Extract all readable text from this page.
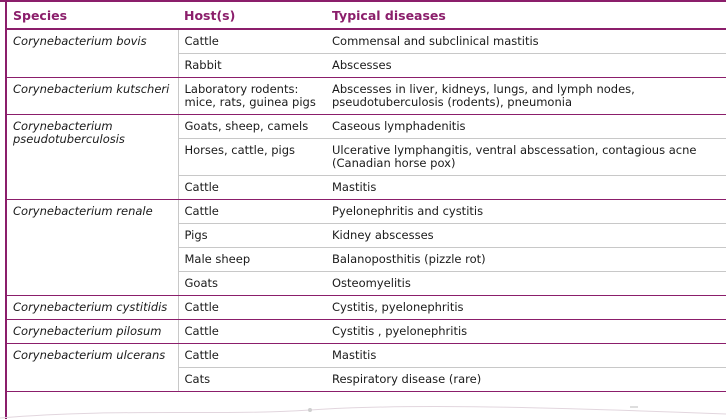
Species	Host(s)	Typical diseases
Corynebacterium bovis	Cattle	Commensal and subclinical mastitis
	Rabbit	Abscesses
Corynebacterium kutscheri	Laboratory rodents: mice, rats, guinea pigs	Abscesses in liver, kidneys, lungs, and lymph nodes, pseudotuberculosis (rodents), pneumonia
Corynebacterium pseudotuberculosis	Goats, sheep, camels	Caseous lymphadenitis
	Horses, cattle, pigs	Ulcerative lymphangitis, ventral abscessation, contagious acne (Canadian horse pox)
	Cattle	Mastitis
Corynebacterium renale	Cattle	Pyelonephritis and cystitis
	Pigs	Kidney abscesses
	Male sheep	Balanoposthitis (pizzle rot)
	Goats	Osteomyelitis
Corynebacterium cystitidis	Cattle	Cystitis, pyelonephritis
Corynebacterium pilosum	Cattle	Cystitis , pyelonephritis
Corynebacterium ulcerans	Cattle	Mastitis
	Cats	Respiratory disease (rare)
